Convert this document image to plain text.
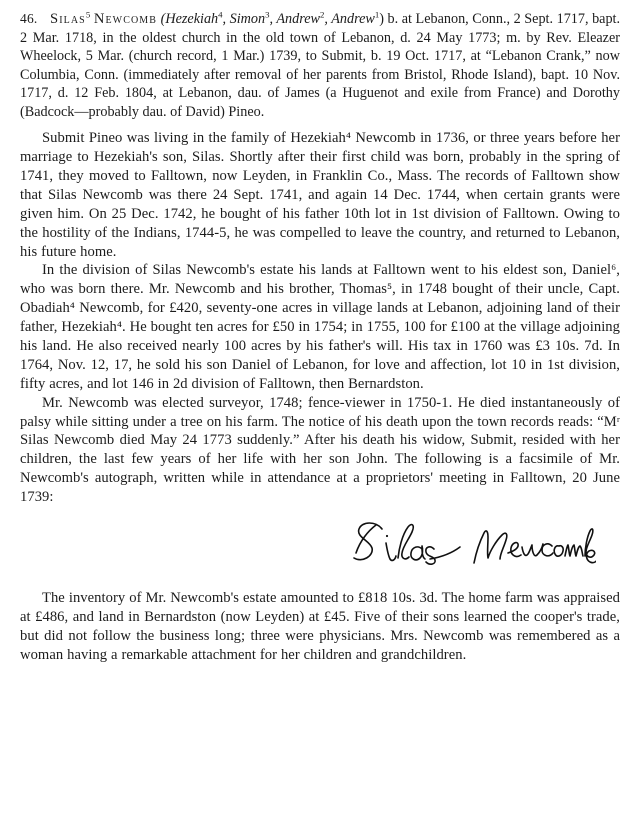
46. Silas$^5$ Newcomb (Hezekiah$^4$, Simon$^3$, Andrew$^2$, Andrew$^1$) b. at Lebanon, Conn., 2 Sept. 1717, bapt. 2 Mar. 1718, in the oldest church in the old town of Lebanon, d. 24 May 1773; m. by Rev. Eleazer Wheelock, 5 Mar. (church record, 1 Mar.) 1739, to Submit, b. 19 Oct. 1717, at “Lebanon Crank,” now Columbia, Conn. (immediately after removal of her parents from Bristol, Rhode Island), bapt. 10 Nov. 1717, d. 12 Feb. 1804, at Lebanon, dau. of James (a Huguenot and exile from France) and Dorothy (Badcock—probably dau. of David) Pineo.

Submit Pineo was living in the family of Hezekiah⁴ Newcomb in 1736, or three years before her marriage to Hezekiah's son, Silas. Shortly after their first child was born, probably in the spring of 1741, they moved to Falltown, now Leyden, in Franklin Co., Mass. The records of Falltown show that Silas Newcomb was there 24 Sept. 1741, and again 14 Dec. 1744, when certain grants were given him. On 25 Dec. 1742, he bought of his father 10th lot in 1st division of Falltown. Owing to the hostility of the Indians, 1744-5, he was compelled to leave the country, and returned to Lebanon, his future home.

In the division of Silas Newcomb's estate his lands at Falltown went to his eldest son, Daniel⁶, who was born there. Mr. Newcomb and his brother, Thomas⁵, in 1748 bought of their uncle, Capt. Obadiah⁴ Newcomb, for £420, seventy-one acres in village lands at Lebanon, adjoining land of their father, Hezekiah⁴. He bought ten acres for £50 in 1754; in 1755, 100 for £100 at the village adjoining his land. He also received nearly 100 acres by his father's will. His tax in 1760 was £3 10s. 7d. In 1764, Nov. 12, 17, he sold his son Daniel of Lebanon, for love and affection, lot 10 in 1st division, fifty acres, and lot 146 in 2d division of Falltown, then Bernardston.

Mr. Newcomb was elected surveyor, 1748; fence-viewer in 1750-1. He died instantaneously of palsy while sitting under a tree on his farm. The notice of his death upon the town records reads: “Mʳ Silas Newcomb died May 24 1773 suddenly.” After his death his widow, Submit, resided with her children, the last few years of her life with her son John. The following is a facsimile of Mr. Newcomb's autograph, written while in attendance at a proprietors' meeting in Falltown, 20 June 1739:

The inventory of Mr. Newcomb's estate amounted to £818 10s. 3d. The home farm was appraised at £486, and land in Bernardston (now Leyden) at £45. Five of their sons learned the cooper's trade, but did not follow the business long; three were physicians. Mrs. Newcomb was remembered as a woman having a remarkable attachment for her children and grandchildren.
